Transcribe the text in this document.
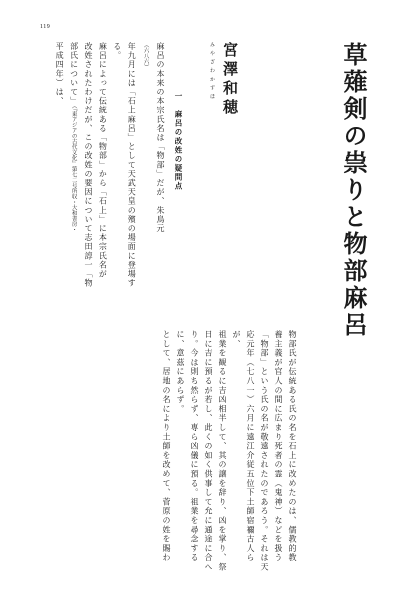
119
草薙剣の祟りと物部麻呂
宮澤和穂
みやざわかずほ
一　麻呂の改姓の疑問点

麻呂の本来の本宗氏名は「物部」だが、朱鳥元

（六八六）

年九月には「石上麻呂」として天武天皇の殯の場面に登場す

る。

麻呂によって伝統ある「物部」から「石上」に本宗氏名が

改姓されたわけだが、この改姓の要因について志田諄一「物

部氏について」（『東アジアの古代文化』第七二号所収・大和書房・

平成四年）は、

物部氏が伝統ある氏の名を石上に改めたのは、儒教的教

養主義が官人の間に広まり死者の霊（鬼神）などを扱う

「物部」という氏の名が敬遠されたのであろう。それは天

応元年（七八一）六月に遠江介従五位下土師宿禰古人らが、

祖業を観るに吉凶相半して、其の譲を辞り、凶を掌り、祭

日に吉に預るが若し、此くの如く供事して允に通途に合へ

り。今は則ち然らず、専ら凶儀に預る。祖業を尋念する

に、意茲にあらず。

として、居地の名により土師を改めて、菅原の姓を賜わ
